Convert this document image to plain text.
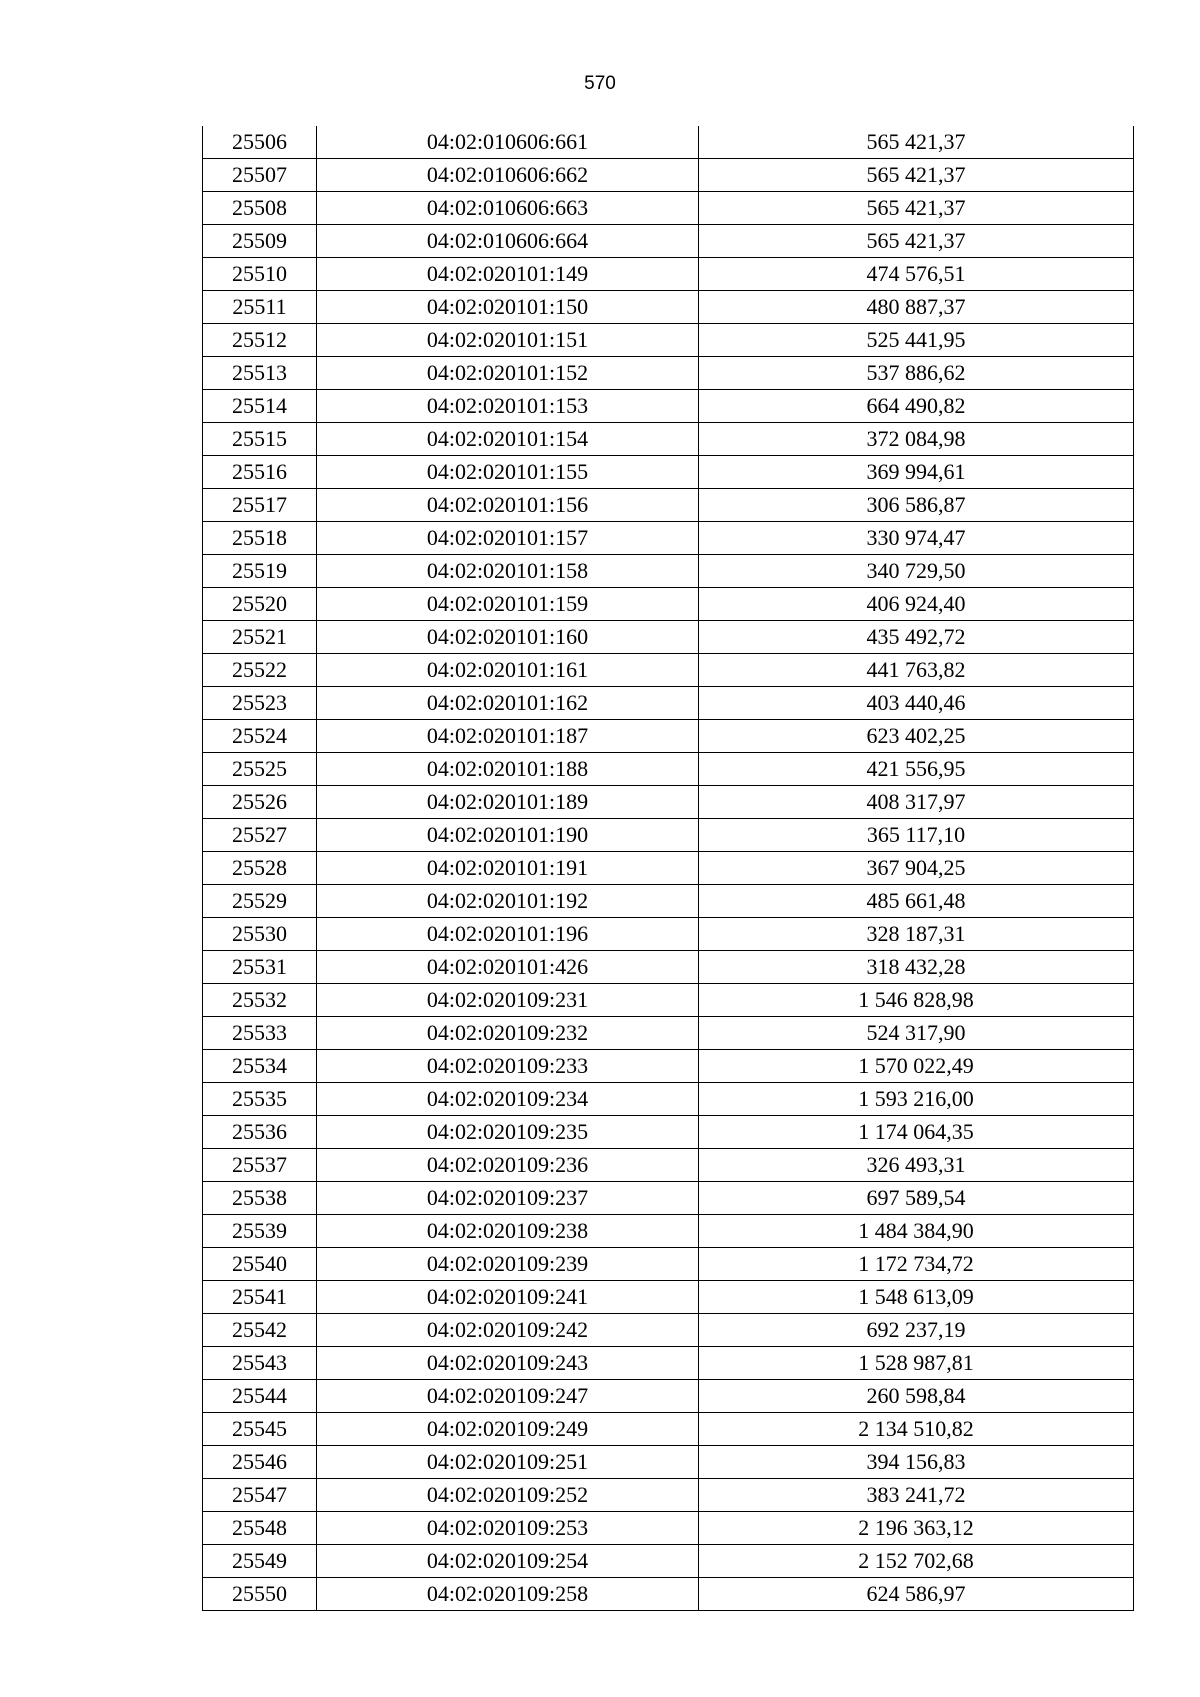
570
25506	04:02:010606:661	565 421,37
25507	04:02:010606:662	565 421,37
25508	04:02:010606:663	565 421,37
25509	04:02:010606:664	565 421,37
25510	04:02:020101:149	474 576,51
25511	04:02:020101:150	480 887,37
25512	04:02:020101:151	525 441,95
25513	04:02:020101:152	537 886,62
25514	04:02:020101:153	664 490,82
25515	04:02:020101:154	372 084,98
25516	04:02:020101:155	369 994,61
25517	04:02:020101:156	306 586,87
25518	04:02:020101:157	330 974,47
25519	04:02:020101:158	340 729,50
25520	04:02:020101:159	406 924,40
25521	04:02:020101:160	435 492,72
25522	04:02:020101:161	441 763,82
25523	04:02:020101:162	403 440,46
25524	04:02:020101:187	623 402,25
25525	04:02:020101:188	421 556,95
25526	04:02:020101:189	408 317,97
25527	04:02:020101:190	365 117,10
25528	04:02:020101:191	367 904,25
25529	04:02:020101:192	485 661,48
25530	04:02:020101:196	328 187,31
25531	04:02:020101:426	318 432,28
25532	04:02:020109:231	1 546 828,98
25533	04:02:020109:232	524 317,90
25534	04:02:020109:233	1 570 022,49
25535	04:02:020109:234	1 593 216,00
25536	04:02:020109:235	1 174 064,35
25537	04:02:020109:236	326 493,31
25538	04:02:020109:237	697 589,54
25539	04:02:020109:238	1 484 384,90
25540	04:02:020109:239	1 172 734,72
25541	04:02:020109:241	1 548 613,09
25542	04:02:020109:242	692 237,19
25543	04:02:020109:243	1 528 987,81
25544	04:02:020109:247	260 598,84
25545	04:02:020109:249	2 134 510,82
25546	04:02:020109:251	394 156,83
25547	04:02:020109:252	383 241,72
25548	04:02:020109:253	2 196 363,12
25549	04:02:020109:254	2 152 702,68
25550	04:02:020109:258	624 586,97
